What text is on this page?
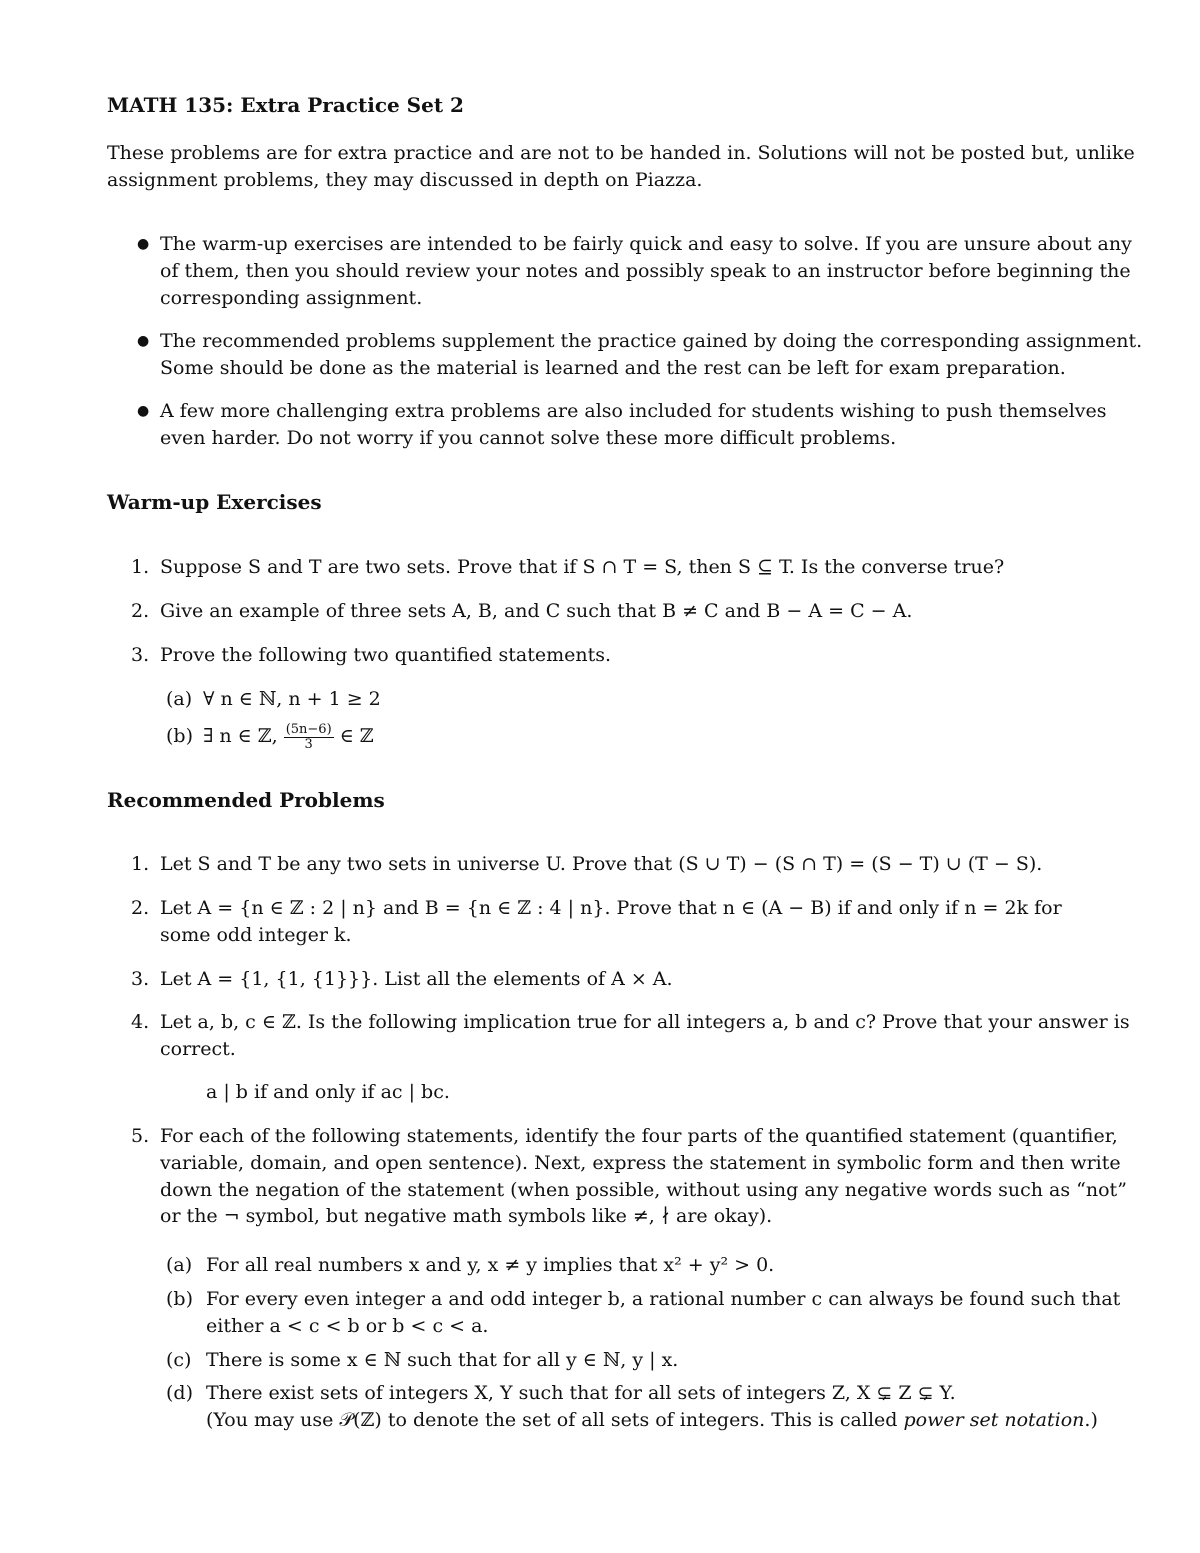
MATH 135: Extra Practice Set 2
These problems are for extra practice and are not to be handed in. Solutions will not be posted but, unlike
assignment problems, they may discussed in depth on Piazza.
● The warm-up exercises are intended to be fairly quick and easy to solve. If you are unsure about any
of them, then you should review your notes and possibly speak to an instructor before beginning the
corresponding assignment.
● The recommended problems supplement the practice gained by doing the corresponding assignment.
Some should be done as the material is learned and the rest can be left for exam preparation.
● A few more challenging extra problems are also included for students wishing to push themselves
even harder. Do not worry if you cannot solve these more difficult problems.
Warm-up Exercises
1. Suppose S and T are two sets. Prove that if S ∩ T = S, then S ⊆ T. Is the converse true?
2. Give an example of three sets A, B, and C such that B ≠ C and B − A = C − A.
3. Prove the following two quantified statements.
(a) ∀ n ∈ ℕ, n + 1 ≥ 2
(b) ∃ n ∈ ℤ, $\frac{(5n-6)}{3}$ ∈ ℤ
Recommended Problems
1. Let S and T be any two sets in universe U. Prove that (S ∪ T) − (S ∩ T) = (S − T) ∪ (T − S).
2. Let A = {n ∈ ℤ : 2 | n} and B = {n ∈ ℤ : 4 | n}. Prove that n ∈ (A − B) if and only if n = 2k for
some odd integer k.
3. Let A = {1, {1, {1}}}. List all the elements of A × A.
4. Let a, b, c ∈ ℤ. Is the following implication true for all integers a, b and c? Prove that your answer is
correct.
a | b if and only if ac | bc.
5. For each of the following statements, identify the four parts of the quantified statement (quantifier,
variable, domain, and open sentence). Next, express the statement in symbolic form and then write
down the negation of the statement (when possible, without using any negative words such as “not”
or the ¬ symbol, but negative math symbols like ≠, ∤ are okay).
(a) For all real numbers x and y, x ≠ y implies that x² + y² > 0.
(b) For every even integer a and odd integer b, a rational number c can always be found such that
either a < c < b or b < c < a.
(c) There is some x ∈ ℕ such that for all y ∈ ℕ, y | x.
(d) There exist sets of integers X, Y such that for all sets of integers Z, X ⊊ Z ⊊ Y.
(You may use 𝒫(ℤ) to denote the set of all sets of integers. This is called power set notation.)
